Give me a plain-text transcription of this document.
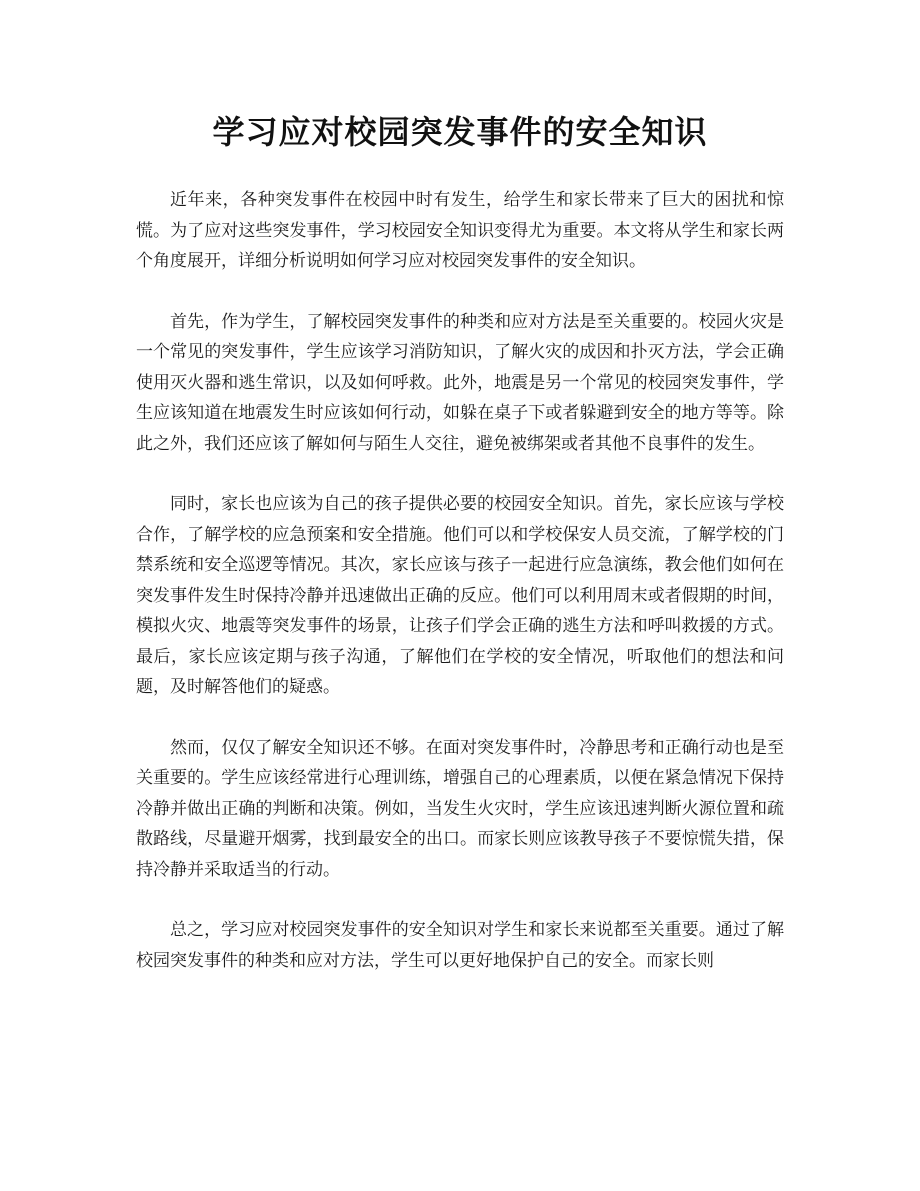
学习应对校园突发事件的安全知识

近年来，各种突发事件在校园中时有发生，给学生和家长带来了巨大的困扰和惊慌。为了应对这些突发事件，学习校园安全知识变得尤为重要。本文将从学生和家长两个角度展开，详细分析说明如何学习应对校园突发事件的安全知识。

首先，作为学生，了解校园突发事件的种类和应对方法是至关重要的。校园火灾是一个常见的突发事件，学生应该学习消防知识，了解火灾的成因和扑灭方法，学会正确使用灭火器和逃生常识，以及如何呼救。此外，地震是另一个常见的校园突发事件，学生应该知道在地震发生时应该如何行动，如躲在桌子下或者躲避到安全的地方等等。除此之外，我们还应该了解如何与陌生人交往，避免被绑架或者其他不良事件的发生。

同时，家长也应该为自己的孩子提供必要的校园安全知识。首先，家长应该与学校合作，了解学校的应急预案和安全措施。他们可以和学校保安人员交流，了解学校的门禁系统和安全巡逻等情况。其次，家长应该与孩子一起进行应急演练，教会他们如何在突发事件发生时保持冷静并迅速做出正确的反应。他们可以利用周末或者假期的时间，模拟火灾、地震等突发事件的场景，让孩子们学会正确的逃生方法和呼叫救援的方式。最后，家长应该定期与孩子沟通，了解他们在学校的安全情况，听取他们的想法和问题，及时解答他们的疑惑。

然而，仅仅了解安全知识还不够。在面对突发事件时，冷静思考和正确行动也是至关重要的。学生应该经常进行心理训练，增强自己的心理素质，以便在紧急情况下保持冷静并做出正确的判断和决策。例如，当发生火灾时，学生应该迅速判断火源位置和疏散路线，尽量避开烟雾，找到最安全的出口。而家长则应该教导孩子不要惊慌失措，保持冷静并采取适当的行动。

总之，学习应对校园突发事件的安全知识对学生和家长来说都至关重要。通过了解校园突发事件的种类和应对方法，学生可以更好地保护自己的安全。而家长则
